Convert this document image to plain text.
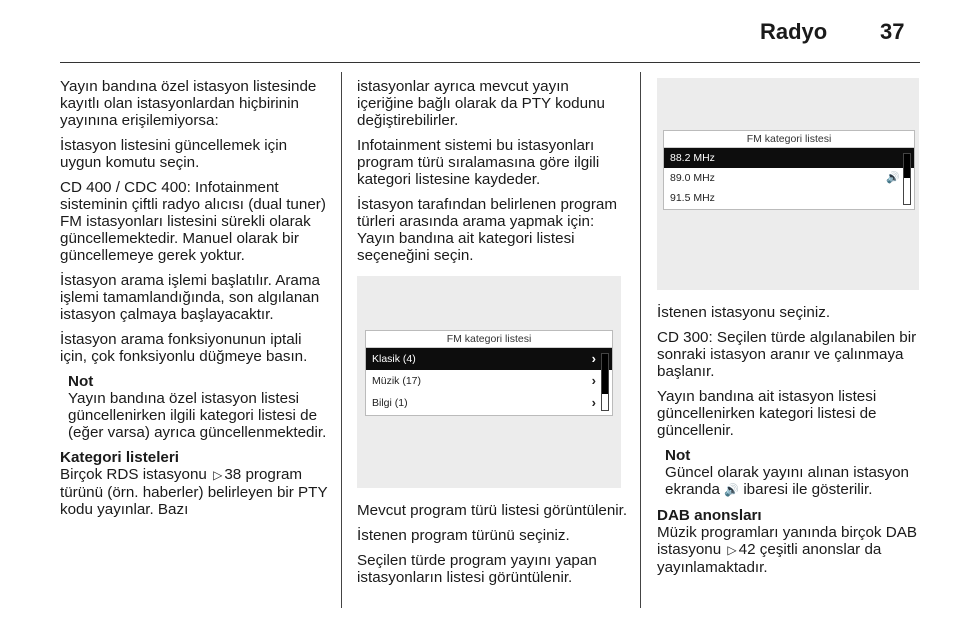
Radyo 37

Yayın bandına özel istasyon listesinde kayıtlı olan istasyonlardan hiçbirinin yayınına erişilemiyorsa:

İstasyon listesini güncellemek için uygun komutu seçin.

CD 400 / CDC 400: Infotainment sisteminin çiftli radyo alıcısı (dual tuner) FM istasyonları listesini sürekli olarak güncellemektedir. Manuel olarak bir güncellemeye gerek yoktur.

İstasyon arama işlemi başlatılır. Arama işlemi tamamlandığında, son algılanan istasyon çalmaya başlayacaktır.

İstasyon arama fonksiyonunun iptali için, çok fonksiyonlu düğmeye basın.

Not
Yayın bandına özel istasyon listesi güncellenirken ilgili kategori listesi de (eğer varsa) ayrıca güncellenmektedir.
Kategori listeleri

Birçok RDS istasyonu ▷ 38 program türünü (örn. haberler) belirleyen bir PTY kodu yayınlar. Bazı

istasyonlar ayrıca mevcut yayın içeriğine bağlı olarak da PTY kodunu değiştirebilirler.

Infotainment sistemi bu istasyonları program türü sıralamasına göre ilgili kategori listesine kaydeder.

İstasyon tarafından belirlenen program türleri arasında arama yapmak için: Yayın bandına ait kategori listesi seçeneğini seçin.

FM kategori listesi
Klasik (4)	›
Müzik (17)	›
Bilgi (1)	›

Mevcut program türü listesi görüntülenir.

İstenen program türünü seçiniz.

Seçilen türde program yayını yapan istasyonların listesi görüntülenir.

FM kategori listesi
88.2 MHz
89.0 MHz	🔊
91.5 MHz

İstenen istasyonu seçiniz.

CD 300: Seçilen türde algılanabilen bir sonraki istasyon aranır ve çalınmaya başlanır.

Yayın bandına ait istasyon listesi güncellenirken kategori listesi de güncellenir.

Not
Güncel olarak yayını alınan istasyon ekranda 🔊 ibaresi ile gösterilir.
DAB anonsları

Müzik programları yanında birçok DAB istasyonu ▷ 42 çeşitli anonslar da yayınlamaktadır.
